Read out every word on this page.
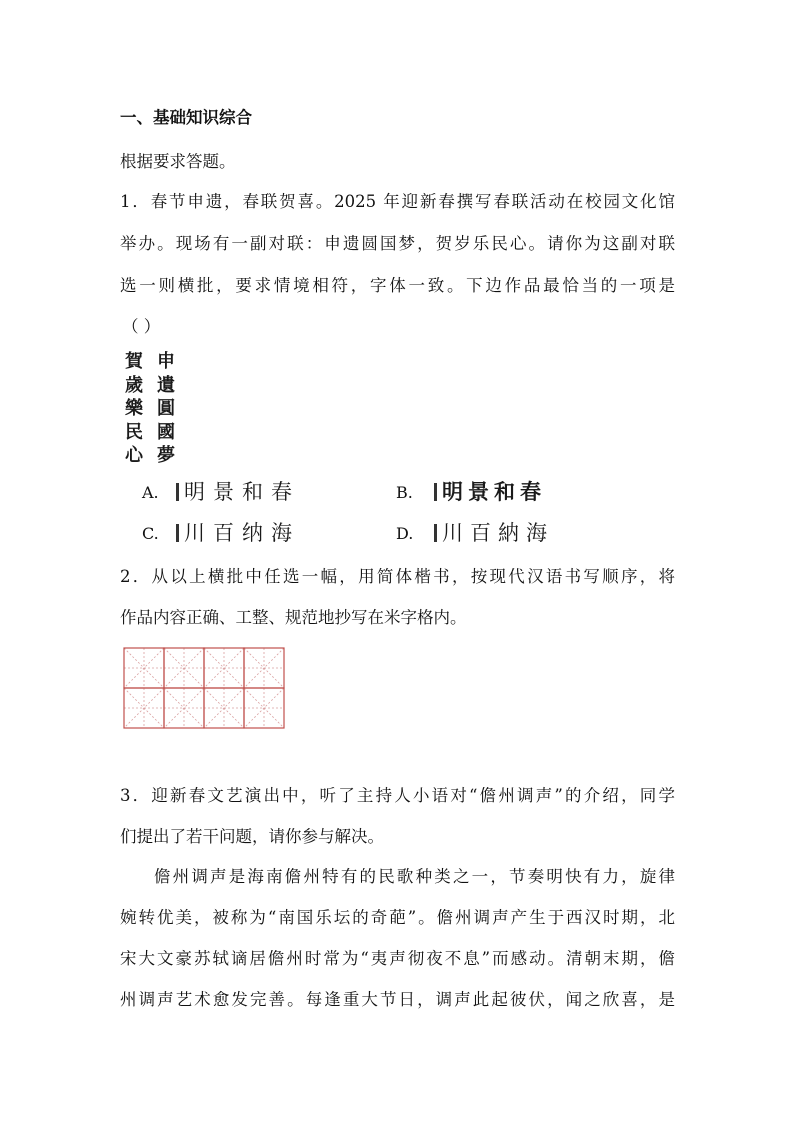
一、基础知识综合
根据要求答题。
1．春节申遗，春联贺喜。2025 年迎新春撰写春联活动在校园文化馆
举办。现场有一副对联：申遗圆国梦，贺岁乐民心。请你为这副对联
选一则横批，要求情境相符，字体一致。下边作品最恰当的一项是
（ ）
賀
歲
樂
民
心
申
遺
圓
國
夢
A.	明景和春	B.	明景和春
C.	川百纳海	D.	川百納海
2．从以上横批中任选一幅，用简体楷书，按现代汉语书写顺序，将
作品内容正确、工整、规范地抄写在米字格内。
3．迎新春文艺演出中，听了主持人小语对“儋州调声”的介绍，同学
们提出了若干问题，请你参与解决。
儋州调声是海南儋州特有的民歌种类之一，节奏明快有力，旋律
婉转优美，被称为“南国乐坛的奇葩”。儋州调声产生于西汉时期，北
宋大文豪苏轼谪居儋州时常为“夷声彻夜不息”而感动。清朝末期，儋
州调声艺术愈发完善。每逢重大节日，调声此起彼伏，闻之欣喜，是
